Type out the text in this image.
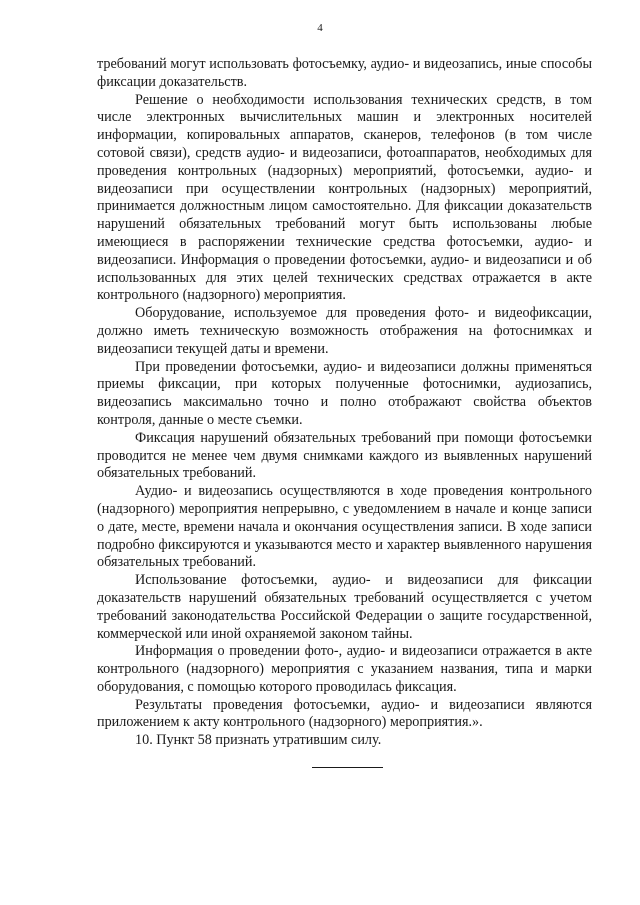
4

требований могут использовать фотосъемку, аудио- и видеозапись, иные способы фиксации доказательств.

Решение о необходимости использования технических средств, в том числе электронных вычислительных машин и электронных носителей информации, копировальных аппаратов, сканеров, телефонов (в том числе сотовой связи), средств аудио- и видеозаписи, фотоаппаратов, необходимых для проведения контрольных (надзорных) мероприятий, фотосъемки, аудио- и видеозаписи при осуществлении контрольных (надзорных) мероприятий, принимается должностным лицом самостоятельно. Для фиксации доказательств нарушений обязательных требований могут быть использованы любые имеющиеся в распоряжении технические средства фотосъемки, аудио- и видеозаписи. Информация о проведении фотосъемки, аудио- и видеозаписи и об использованных для этих целей технических средствах отражается в акте контрольного (надзорного) мероприятия.

Оборудование, используемое для проведения фото- и видеофиксации, должно иметь техническую возможность отображения на фотоснимках и видеозаписи текущей даты и времени.

При проведении фотосъемки, аудио- и видеозаписи должны применяться приемы фиксации, при которых полученные фотоснимки, аудиозапись, видеозапись максимально точно и полно отображают свойства объектов контроля, данные о месте съемки.

Фиксация нарушений обязательных требований при помощи фотосъемки проводится не менее чем двумя снимками каждого из выявленных нарушений обязательных требований.

Аудио- и видеозапись осуществляются в ходе проведения контрольного (надзорного) мероприятия непрерывно, с уведомлением в начале и конце записи о дате, месте, времени начала и окончания осуществления записи. В ходе записи подробно фиксируются и указываются место и характер выявленного нарушения обязательных требований.

Использование фотосъемки, аудио- и видеозаписи для фиксации доказательств нарушений обязательных требований осуществляется с учетом требований законодательства Российской Федерации о защите государственной, коммерческой или иной охраняемой законом тайны.

Информация о проведении фото-, аудио- и видеозаписи отражается в акте контрольного (надзорного) мероприятия с указанием названия, типа и марки оборудования, с помощью которого проводилась фиксация.

Результаты проведения фотосъемки, аудио- и видеозаписи являются приложением к акту контрольного (надзорного) мероприятия.».

10. Пункт 58 признать утратившим силу.
